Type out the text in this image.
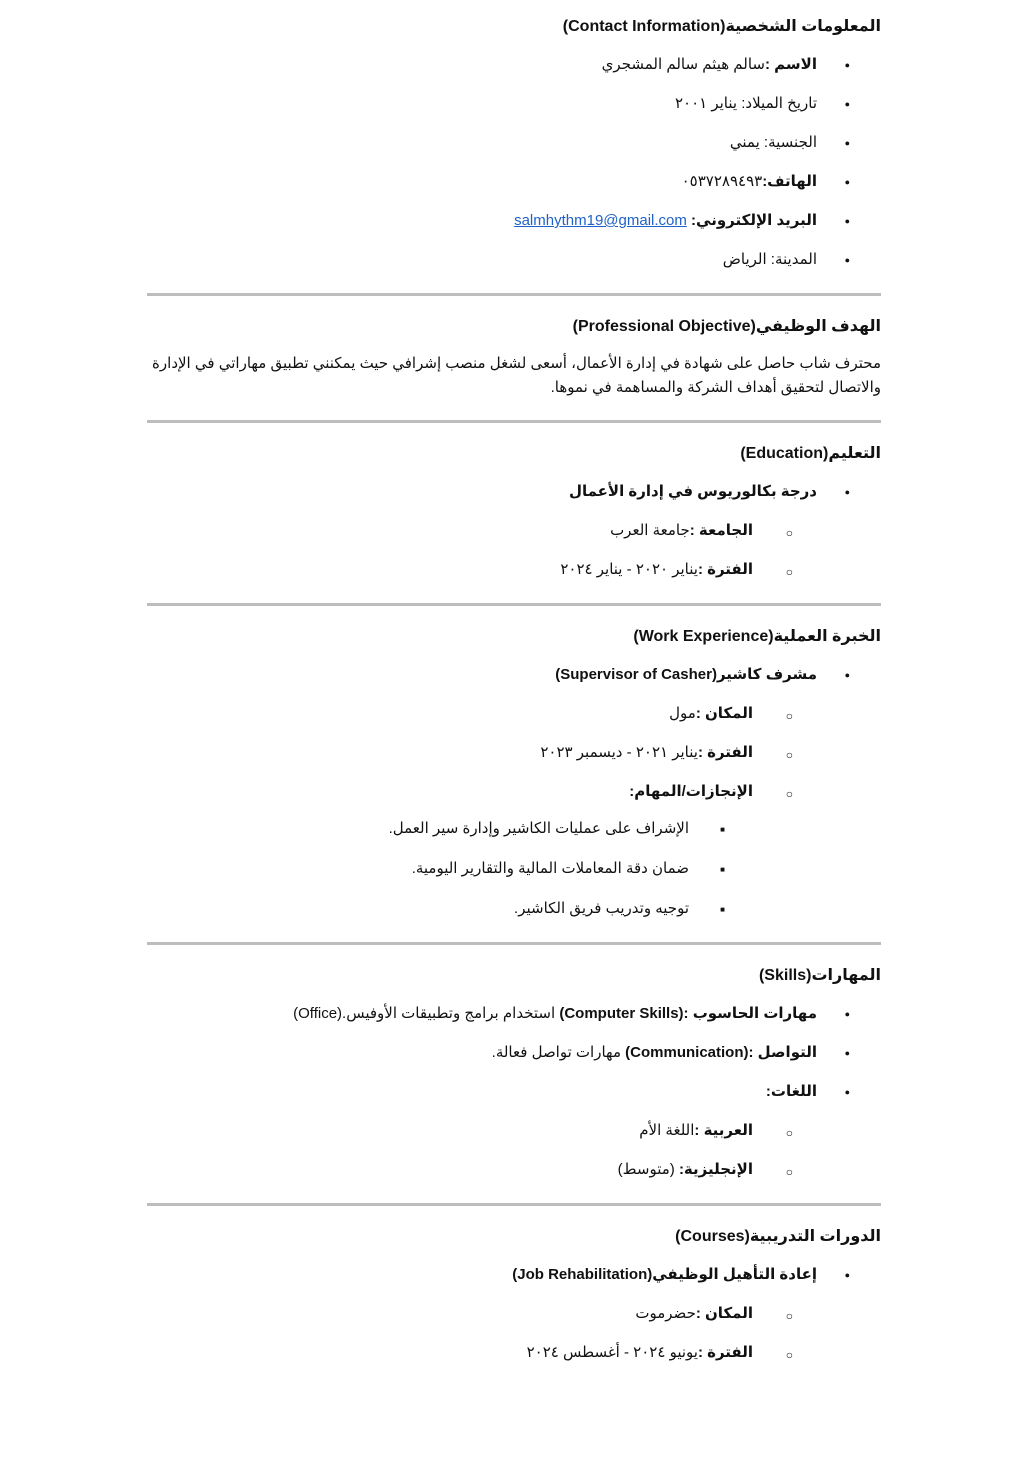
المعلومات الشخصية(Contact Information)
● الاسم :سالم هيثم سالم المشجري
● تاريخ الميلاد: يناير ٢٠٠١
● الجنسية: يمني
● الهاتف:٠٥٣٧٢٨٩٤٩٣
● البريد الإلكتروني: salmhythm19@gmail.com
● المدينة: الرياض
الهدف الوظيفي(Professional Objective)

محترف شاب حاصل على شهادة في إدارة الأعمال، أسعى لشغل منصب إشرافي حيث يمكنني تطبيق مهاراتي في الإدارة والاتصال لتحقيق أهداف الشركة والمساهمة في نموها.

التعليم(Education)
● درجة بكالوريوس في إدارة الأعمال
○ الجامعة :جامعة العرب
○ الفترة :يناير ٢٠٢٠ - يناير ٢٠٢٤
الخبرة العملية(Work Experience)
● مشرف كاشير(Supervisor of Casher)
○ المكان :مول
○ الفترة :يناير ٢٠٢١ - ديسمبر ٢٠٢٣
○ الإنجازات/المهام:
■ الإشراف على عمليات الكاشير وإدارة سير العمل.
■ ضمان دقة المعاملات المالية والتقارير اليومية.
■ توجيه وتدريب فريق الكاشير.
المهارات(Skills)
● مهارات الحاسوب :(Computer Skills) استخدام برامج وتطبيقات الأوفيس.(Office)
● التواصل :(Communication) مهارات تواصل فعالة.
● اللغات:
○ العربية :اللغة الأم
○ الإنجليزية: (متوسط)
الدورات التدريبية(Courses)
● إعادة التأهيل الوظيفي(Job Rehabilitation)
○ المكان :حضرموت
○ الفترة :يونيو ٢٠٢٤ - أغسطس ٢٠٢٤
